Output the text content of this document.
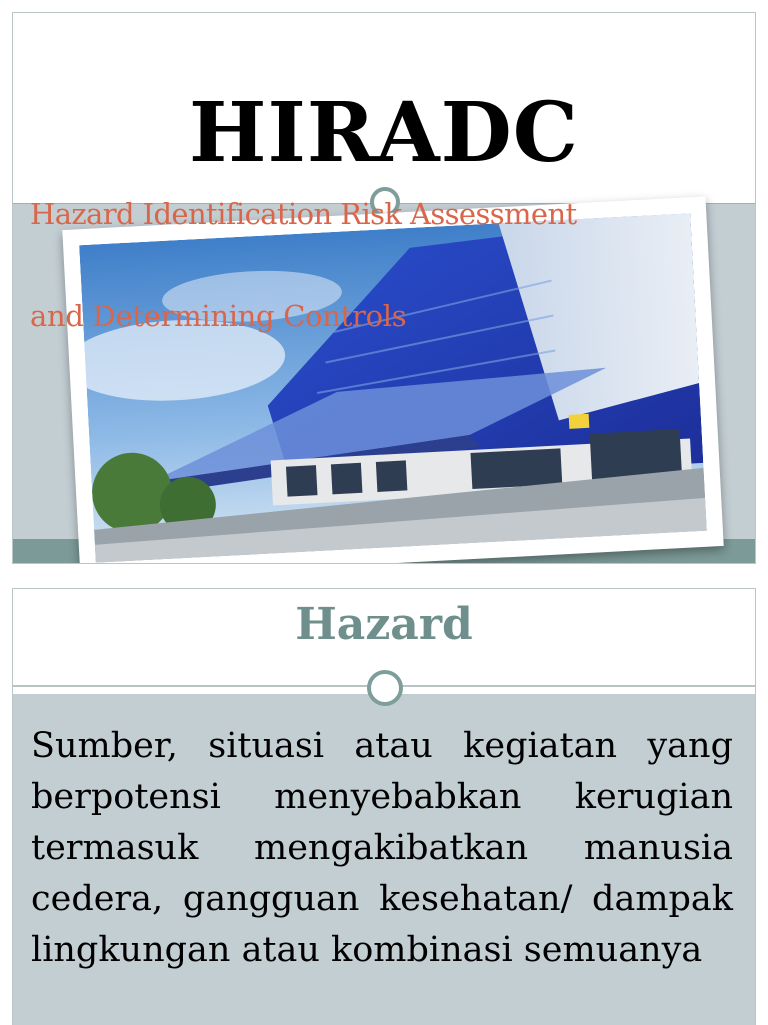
HIRADC

Hazard Identification Risk Assessment

and Determining Controls

Hazard

Sumber, situasi atau kegiatan yang berpotensi menyebabkan kerugian termasuk mengakibatkan manusia cedera, gangguan kesehatan/ dampak lingkungan atau kombinasi semuanya
